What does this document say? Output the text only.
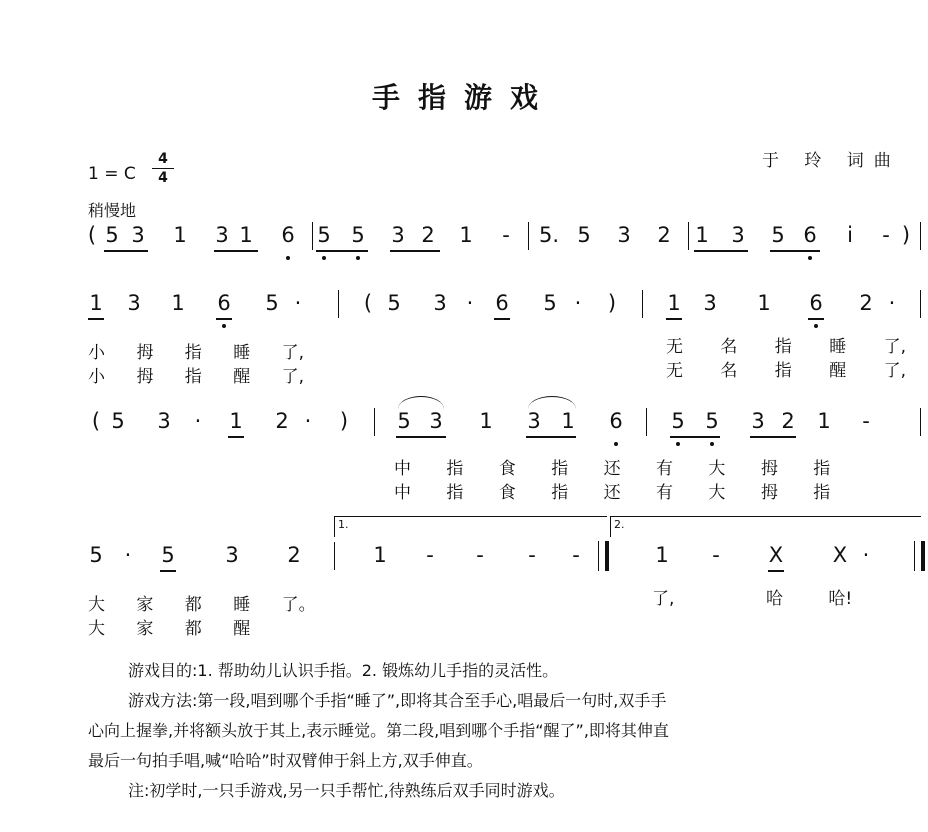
手指游戏
于 玲 词曲
1 = C
4
4
稍慢地
( 5 3 1 3 1 6 5 5 3 2 1 - 5. 5 3 2 1 3 5 6	i	- )
1 3 1 6 5 ·	( 5 3 ·	6 5 ·	) 1 3 1 6 2 ·
小 拇 指 睡 了,
小 拇 指 醒 了,
无 名 指 睡 了,
无 名 指 醒 了,
( 5 3	·	1 2 ·	) 5 3 1 3 1 6 5 5 3 2 1 -
中 指 食 指 还 有 大 拇 指
中 指 食 指 还 有 大 拇 指
1.	2.
5	·	5 3 2	1 - - - -	1 - X X ·
大 家 都 睡 了。
大 家 都 醒
了,	哈 哈!

游戏目的:1. 帮助幼儿认识手指。2. 锻炼幼儿手指的灵活性。

游戏方法:第一段,唱到哪个手指“睡了”,即将其合至手心,唱最后一句时,双手手

心向上握拳,并将额头放于其上,表示睡觉。第二段,唱到哪个手指“醒了”,即将其伸直

最后一句拍手唱,喊“哈哈”时双臂伸于斜上方,双手伸直。

注:初学时,一只手游戏,另一只手帮忙,待熟练后双手同时游戏。
